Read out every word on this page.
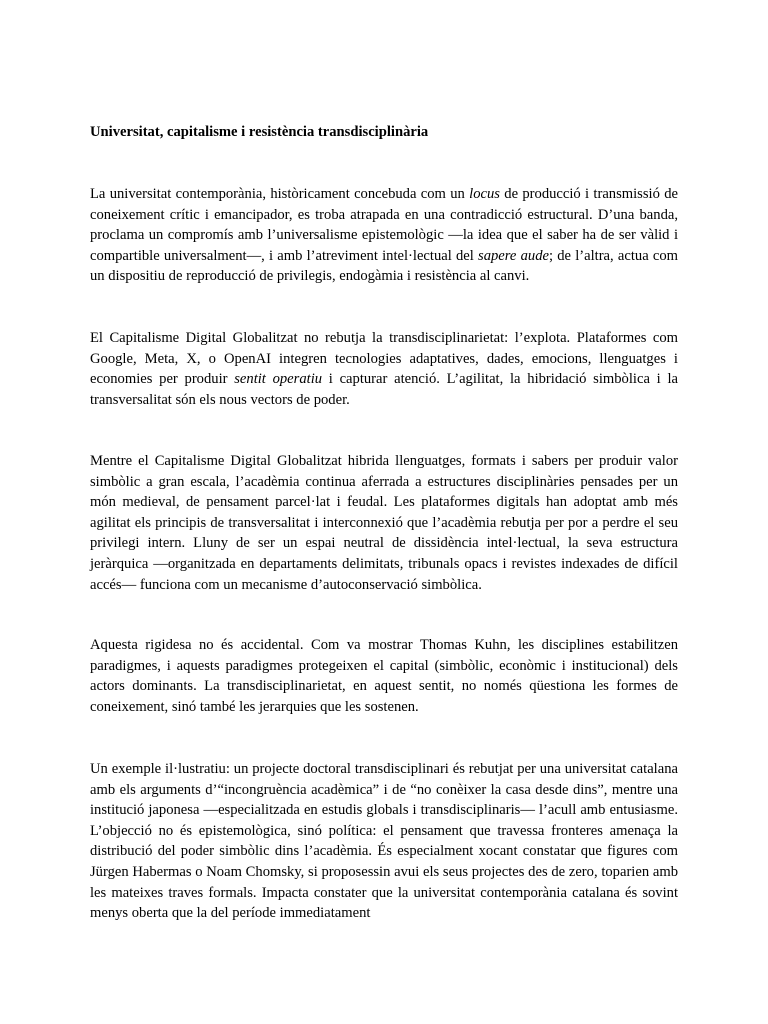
Universitat, capitalisme i resistència transdisciplinària

La universitat contemporània, històricament concebuda com un locus de producció i transmissió de coneixement crític i emancipador, es troba atrapada en una contradicció estructural. D’una banda, proclama un compromís amb l’universalisme epistemològic —la idea que el saber ha de ser vàlid i compartible universalment—, i amb l’atreviment intel·lectual del sapere aude; de l’altra, actua com un dispositiu de reproducció de privilegis, endogàmia i resistència al canvi.

El Capitalisme Digital Globalitzat no rebutja la transdisciplinarietat: l’explota. Plataformes com Google, Meta, X, o OpenAI integren tecnologies adaptatives, dades, emocions, llenguatges i economies per produir sentit operatiu i capturar atenció. L’agilitat, la hibridació simbòlica i la transversalitat són els nous vectors de poder.

Mentre el Capitalisme Digital Globalitzat hibrida llenguatges, formats i sabers per produir valor simbòlic a gran escala, l’acadèmia continua aferrada a estructures disciplinàries pensades per un món medieval, de pensament parcel·lat i feudal. Les plataformes digitals han adoptat amb més agilitat els principis de transversalitat i interconnexió que l’acadèmia rebutja per por a perdre el seu privilegi intern. Lluny de ser un espai neutral de dissidència intel·lectual, la seva estructura jeràrquica —organitzada en departaments delimitats, tribunals opacs i revistes indexades de difícil accés— funciona com un mecanisme d’autoconservació simbòlica.

Aquesta rigidesa no és accidental. Com va mostrar Thomas Kuhn, les disciplines estabilitzen paradigmes, i aquests paradigmes protegeixen el capital (simbòlic, econòmic i institucional) dels actors dominants. La transdisciplinarietat, en aquest sentit, no només qüestiona les formes de coneixement, sinó també les jerarquies que les sostenen.

Un exemple il·lustratiu: un projecte doctoral transdisciplinari és rebutjat per una universitat catalana amb els arguments d’“incongruència acadèmica” i de “no conèixer la casa desde dins”, mentre una institució japonesa —especialitzada en estudis globals i transdisciplinaris— l’acull amb entusiasme. L’objecció no és epistemològica, sinó política: el pensament que travessa fronteres amenaça la distribució del poder simbòlic dins l’acadèmia. És especialment xocant constatar que figures com Jürgen Habermas o Noam Chomsky, si proposessin avui els seus projectes des de zero, toparien amb les mateixes traves formals. Impacta constater que la universitat contemporània catalana és sovint menys oberta que la del període immediatament
